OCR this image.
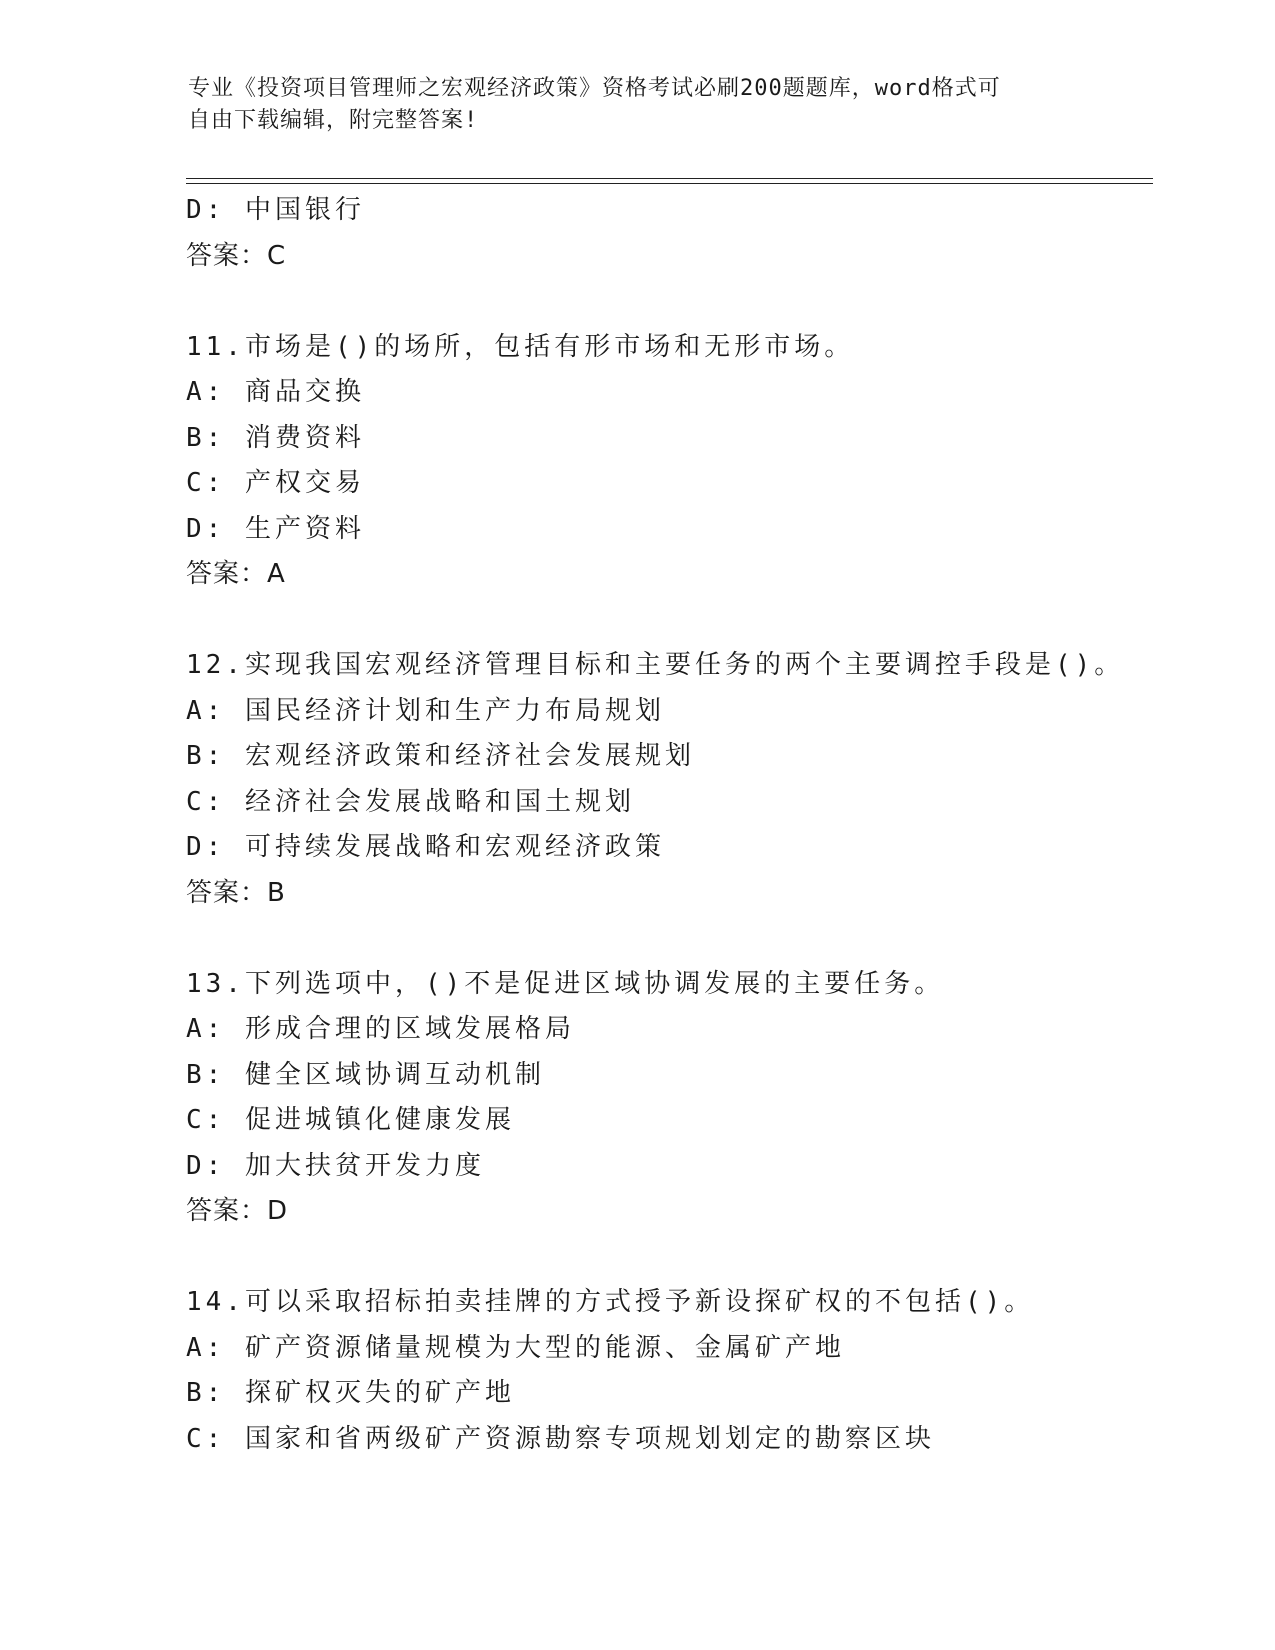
专业《投资项目管理师之宏观经济政策》资格考试必刷200题题库，word格式可
自由下载编辑，附完整答案!
D: 中国银行
答案：C
11.市场是()的场所，包括有形市场和无形市场。
A: 商品交换
B: 消费资料
C: 产权交易
D: 生产资料
答案：A
12.实现我国宏观经济管理目标和主要任务的两个主要调控手段是()。
A: 国民经济计划和生产力布局规划
B: 宏观经济政策和经济社会发展规划
C: 经济社会发展战略和国土规划
D: 可持续发展战略和宏观经济政策
答案：B
13.下列选项中，()不是促进区域协调发展的主要任务。
A: 形成合理的区域发展格局
B: 健全区域协调互动机制
C: 促进城镇化健康发展
D: 加大扶贫开发力度
答案：D
14.可以采取招标拍卖挂牌的方式授予新设探矿权的不包括()。
A: 矿产资源储量规模为大型的能源、金属矿产地
B: 探矿权灭失的矿产地
C: 国家和省两级矿产资源勘察专项规划划定的勘察区块
